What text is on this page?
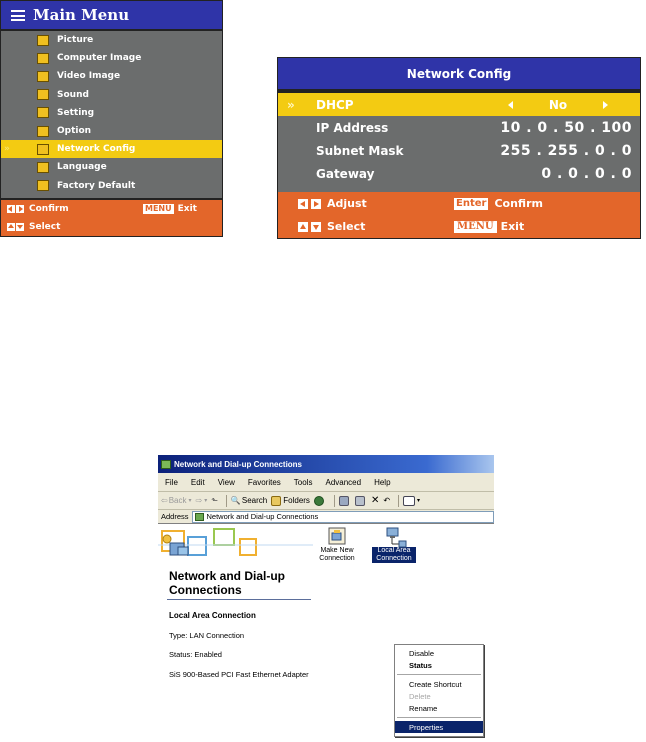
Main Menu
Picture
Computer Image
Video Image
Sound
Setting
Option
»	Network Config
Language
Factory Default
Confirm	MENU Exit
Select
Network Config
» DHCP	No
IP Address	10 . 0 . 50 . 100
Subnet Mask	255 . 255 . 0 . 0
Gateway	0 . 0 . 0 . 0
Adjust	Enter Confirm
Select	MENU Exit
Network and Dial-up Connections
File Edit View Favorites Tools Advanced Help
⇦ Back ▾ ⇨ ▾ ⬑ 🔍 Search Folders	✕ ↶	▾
Address Network and Dial-up Connections
Network and Dial-up Connections
Local Area Connection
Type: LAN Connection
Status: Enabled
SiS 900-Based PCI Fast Ethernet Adapter
Make New Connection
Local Area Connection
Disable
Status
Create Shortcut
Delete
Rename
Properties
